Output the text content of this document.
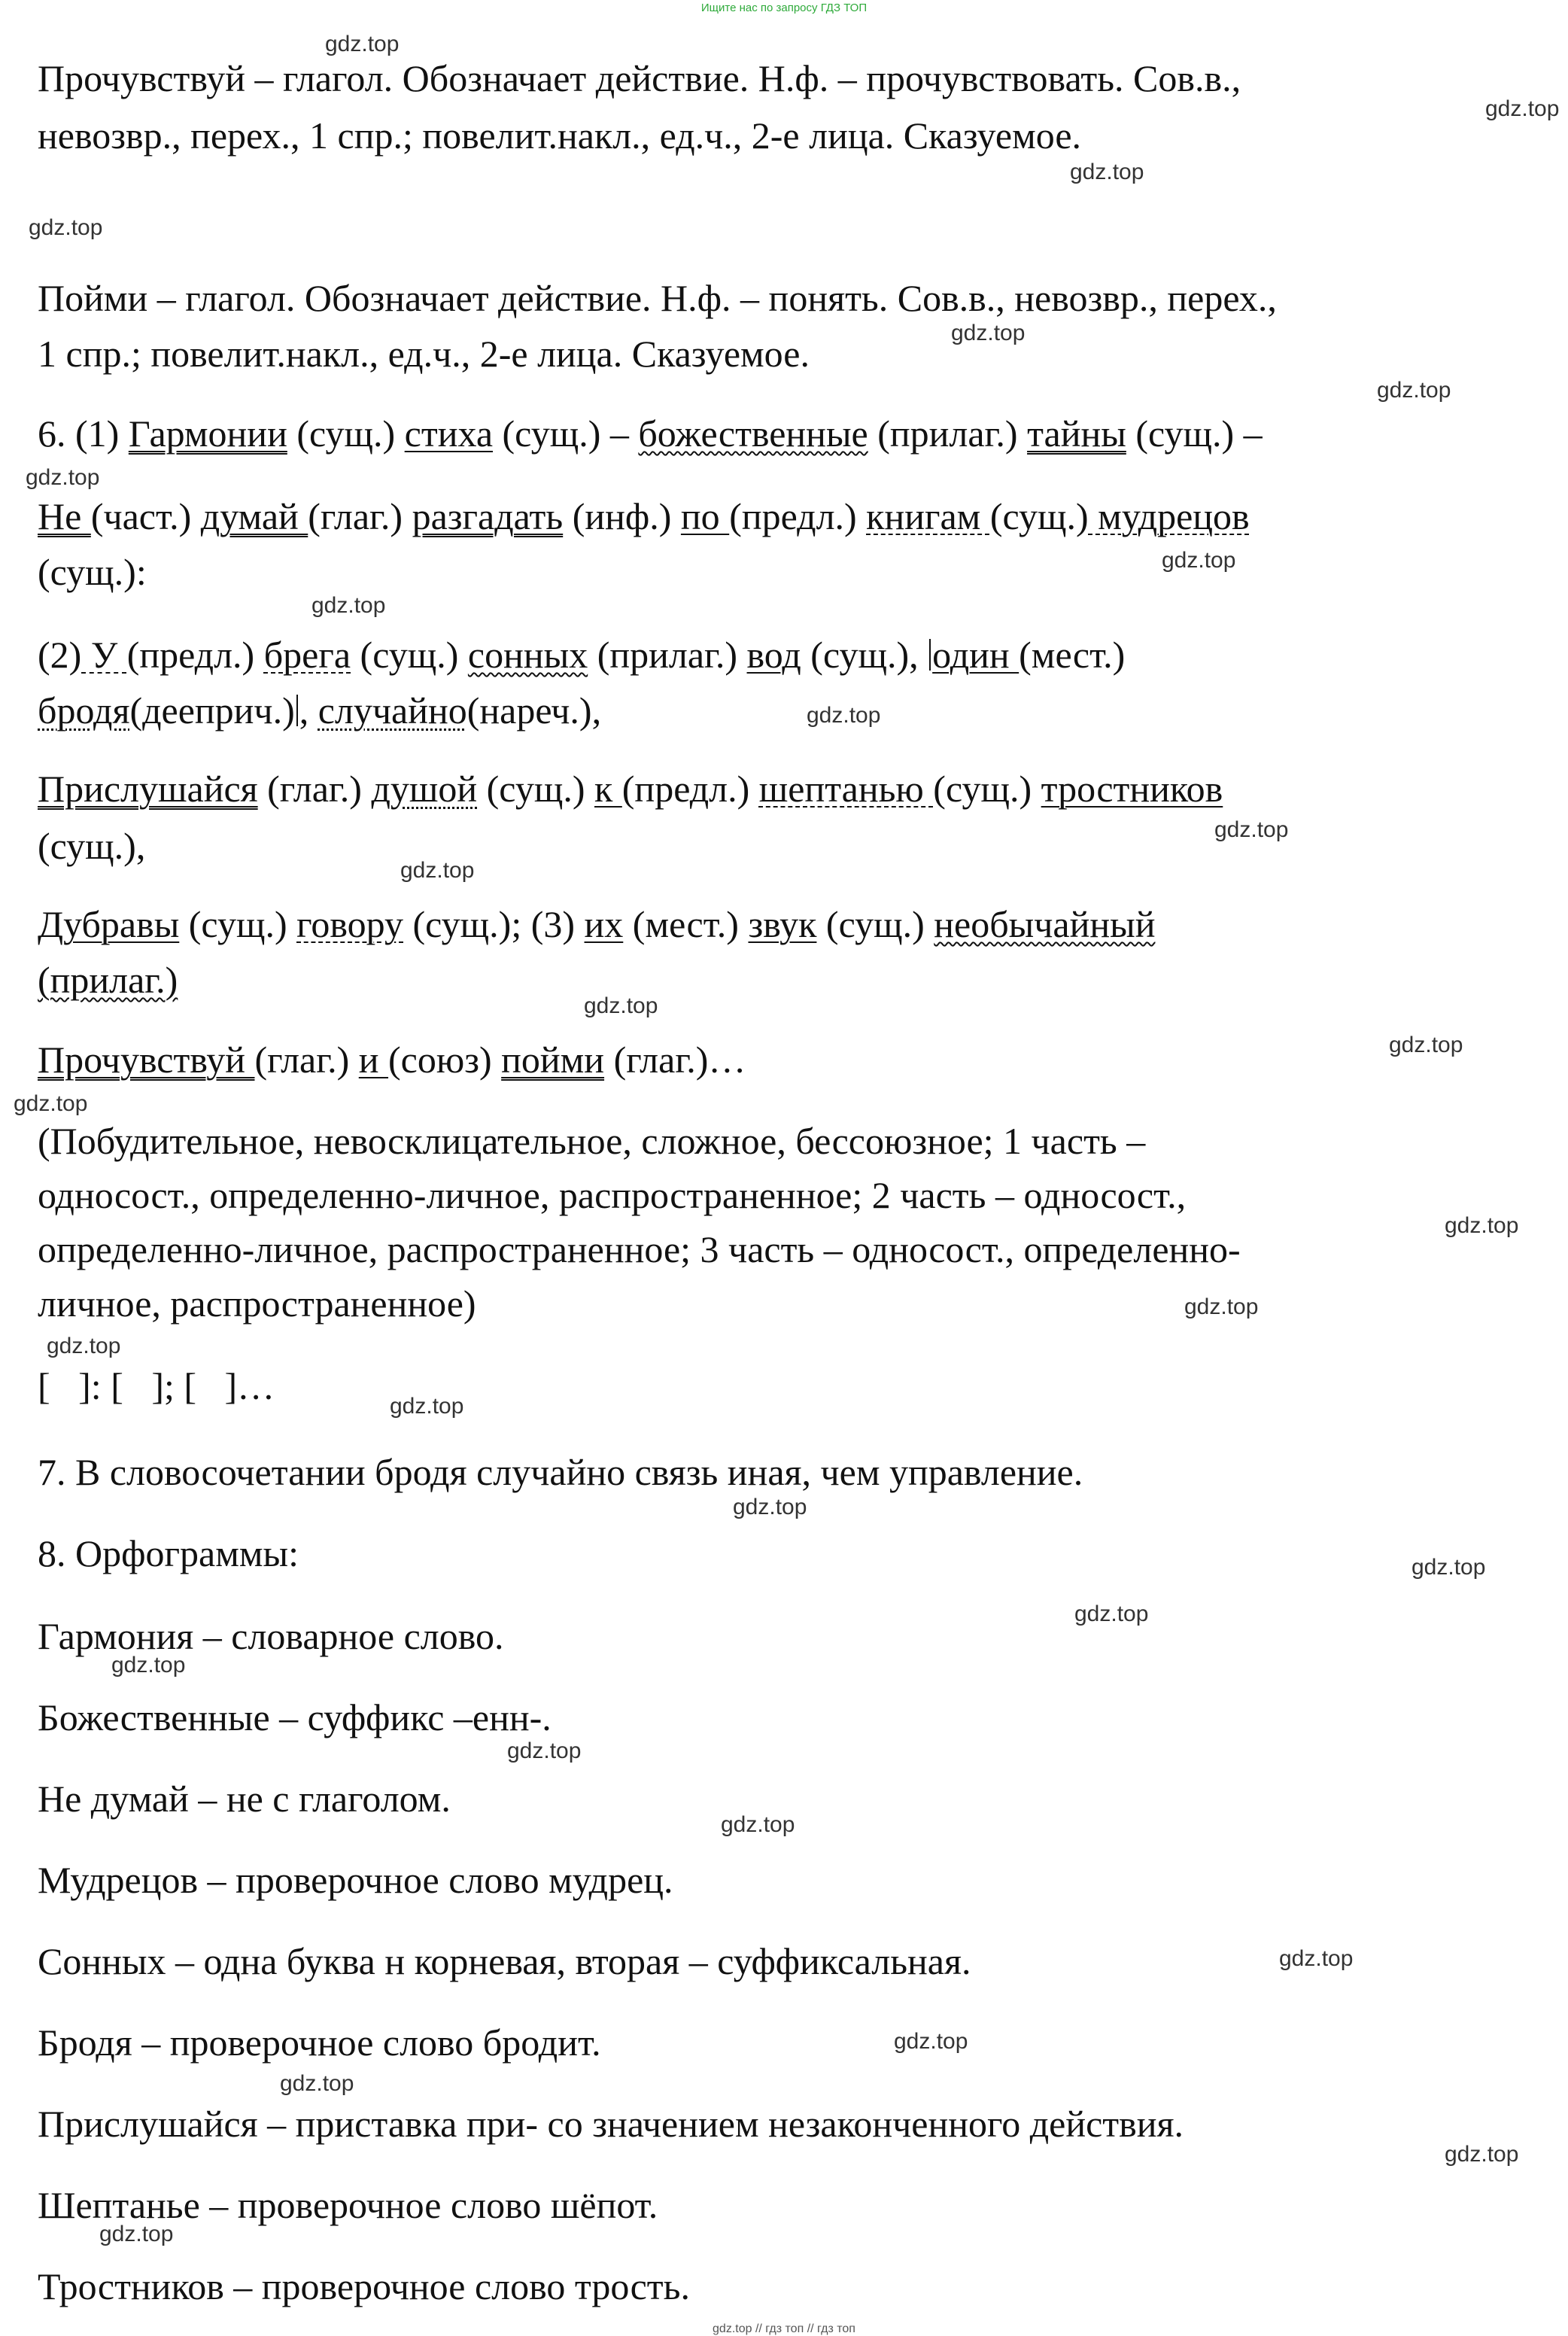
Ищите нас по запросу ГДЗ ТОП
Прочувствуй – глагол. Обозначает действие. Н.ф. – прочувствовать. Сов.в.,
невозвр., перех., 1 спр.; повелит.накл., ед.ч., 2-е лица. Сказуемое.
Пойми – глагол. Обозначает действие. Н.ф. – понять. Сов.в., невозвр., перех.,
1 спр.; повелит.накл., ед.ч., 2-е лица. Сказуемое.
6. (1) Гармонии (сущ.) стиха (сущ.) – божественные (прилаг.) тайны (сущ.) –
Не (част.) думай (глаг.) разгадать (инф.) по (предл.) книгам (сущ.) мудрецов
(сущ.):
(2) У (предл.) брега (сущ.) сонных (прилаг.) вод (сущ.), один (мест.)
бродя(дееприч.) , случайно(нареч.),
Прислушайся (глаг.) душой (сущ.) к (предл.) шептанью (сущ.) тростников
(сущ.),
Дубравы (сущ.) говору (сущ.); (3) их (мест.) звук (сущ.) необычайный
(прилаг.)
Прочувствуй (глаг.) и (союз) пойми (глаг.)…
(Побудительное, невосклицательное, сложное, бессоюзное; 1 часть –
односост., определенно-личное, распространенное; 2 часть – односост.,
определенно-личное, распространенное; 3 часть – односост., определенно-
личное, распространенное)
[   ]: [   ]; [   ]…
7. В словосочетании бродя случайно связь иная, чем управление.
8. Орфограммы:
Гармония – словарное слово.
Божественные – суффикс –енн-.
Не думай – не с глаголом.
Мудрецов – проверочное слово мудрец.
Сонных – одна буква н корневая, вторая – суффиксальная.
Бродя – проверочное слово бродит.
Прислушайся – приставка при- со значением незаконченного действия.
Шептанье – проверочное слово шёпот.
Тростников – проверочное слово трость.
gdz.top
gdz.top
gdz.top
gdz.top
gdz.top
gdz.top
gdz.top
gdz.top
gdz.top
gdz.top
gdz.top
gdz.top
gdz.top
gdz.top
gdz.top
gdz.top
gdz.top
gdz.top
gdz.top
gdz.top
gdz.top
gdz.top
gdz.top
gdz.top
gdz.top
gdz.top
gdz.top
gdz.top
gdz.top
gdz.top
gdz.top // гдз топ // гдз топ
